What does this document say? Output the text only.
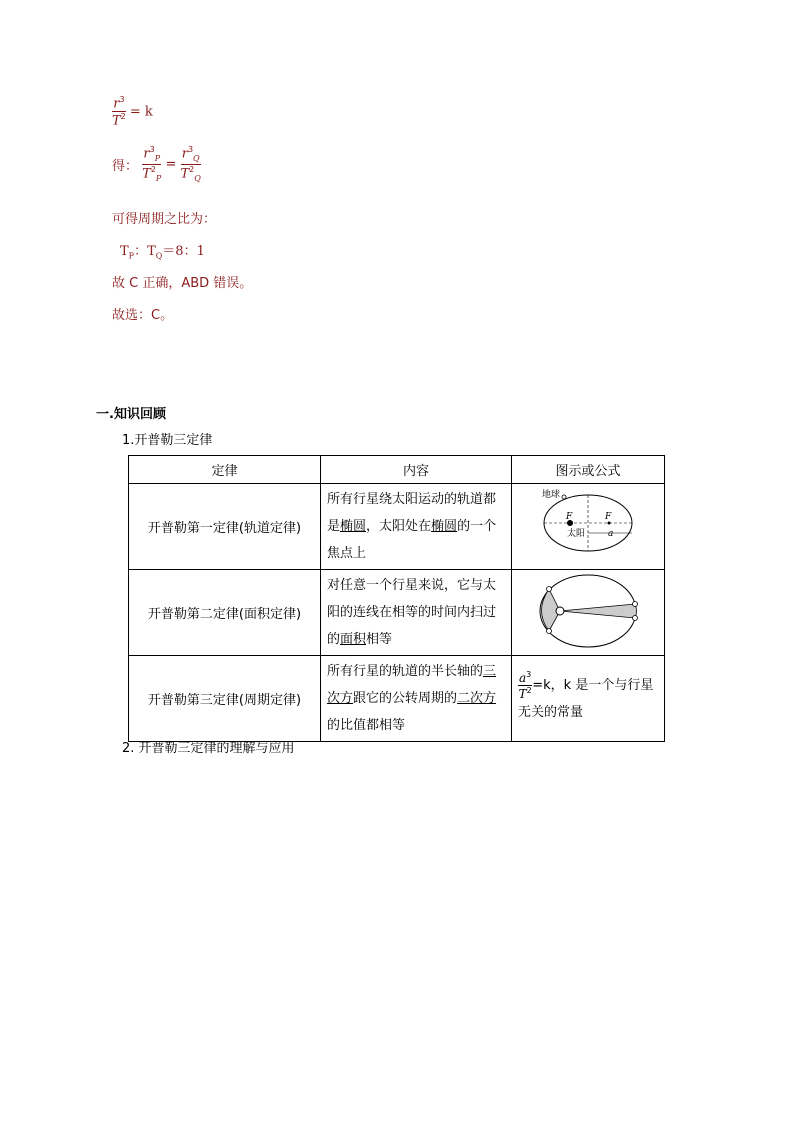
$\frac{r^3}{T^2} = k$
得： $\frac{r^3_P}{T^2_P} = \frac{r^3_Q}{T^2_Q}$
可得周期之比为：
$T_P$：$T_Q=8$：1
故 C 正确，ABD 错误。
故选：C。
一.知识回顾
1.开普勒三定律
定律	内容	图示或公式
开普勒第一定律(轨道定律)	所有行星绕太阳运动的轨道都是椭圆，太阳处在椭圆的一个焦点上	地球
F F
太阳 a

开普勒第二定律(面积定律)	对任意一个行星来说，它与太阳的连线在相等的时间内扫过的面积相等

开普勒第三定律(周期定律)	所有行星的轨道的半长轴的三次方跟它的公转周期的二次方的比值都相等	$\frac{a^3}{T^2} =k$，k 是一个与行星无关的常量
2. 开普勒三定律的理解与应用
